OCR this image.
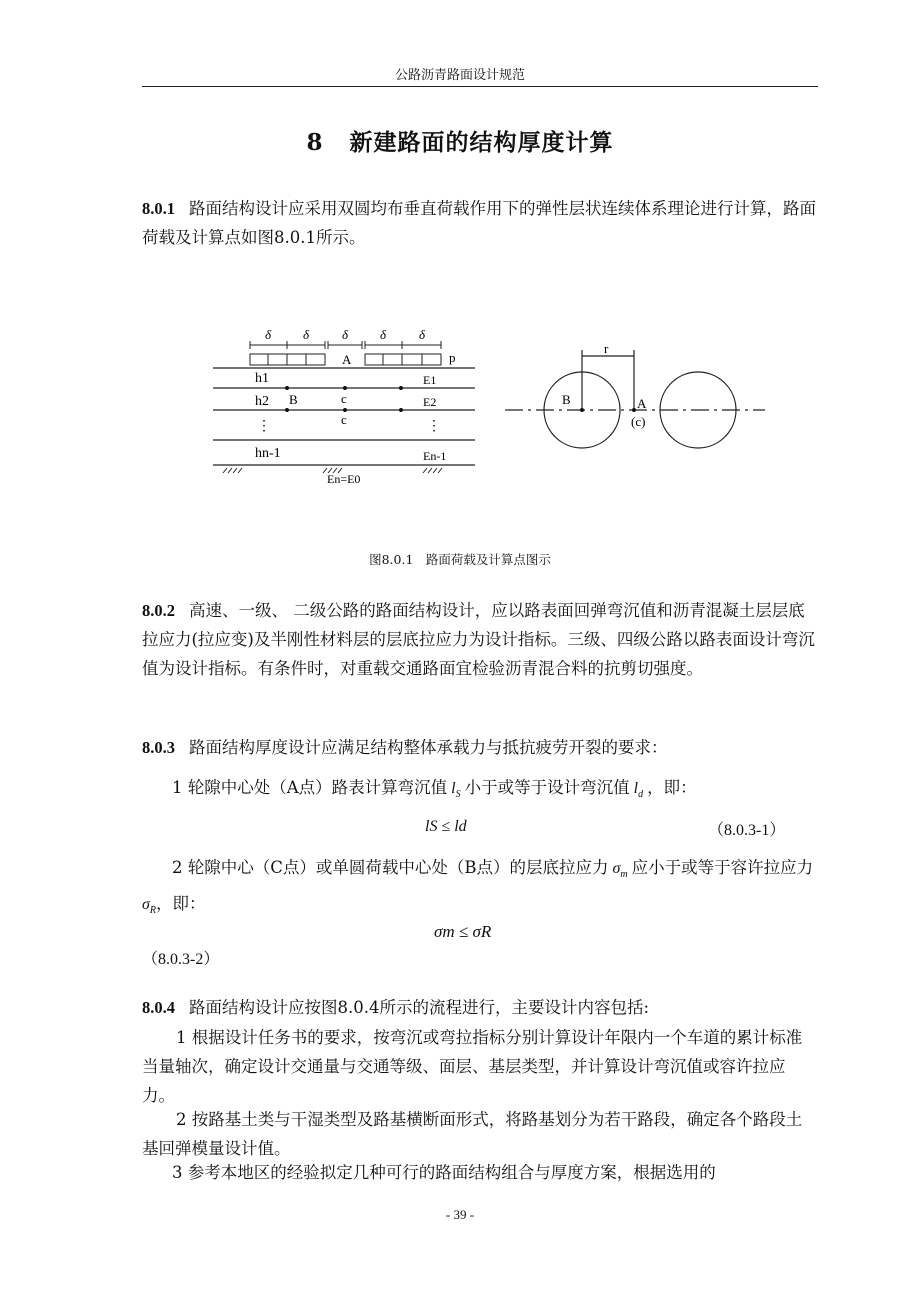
公路沥青路面设计规范
8 新建路面的结构厚度计算
8.0.1 路面结构设计应采用双圆均布垂直荷载作用下的弹性层状连续体系理论进行计算，路面荷载及计算点如图8.0.1所示。
δ δ	δ δ	δ
A	p
h1
h2
⋮
hn-1
B	c
c
E1
E2
⋮
En-1
En=E0
r
B	A
(c)
图8.0.1　路面荷载及计算点图示
8.0.2 高速、一级、 二级公路的路面结构设计，应以路表面回弹弯沉值和沥青混凝土层层底拉应力(拉应变)及半刚性材料层的层底拉应力为设计指标。三级、四级公路以路表面设计弯沉值为设计指标。有条件时，对重载交通路面宜检验沥青混合料的抗剪切强度。
8.0.3 路面结构厚度设计应满足结构整体承载力与抵抗疲劳开裂的要求：
1 轮隙中心处（A点）路表计算弯沉值 $l_S$ 小于或等于设计弯沉值 $l_d$ ，即：
lS ≤ ld	（8.0.3-1）
2 轮隙中心（C点）或单圆荷载中心处（B点）的层底拉应力 $\sigma_m$ 应小于或等于容许拉应力 $\sigma_R$，即：
σm ≤ σR
（8.0.3-2）
8.0.4 路面结构设计应按图8.0.4所示的流程进行，主要设计内容包括:
1 根据设计任务书的要求，按弯沉或弯拉指标分别计算设计年限内一个车道的累计标准当量轴次，确定设计交通量与交通等级、面层、基层类型，并计算设计弯沉值或容许拉应力。
2 按路基土类与干湿类型及路基横断面形式，将路基划分为若干路段，确定各个路段土基回弹模量设计值。
3 参考本地区的经验拟定几种可行的路面结构组合与厚度方案，根据选用的
- 39 -
